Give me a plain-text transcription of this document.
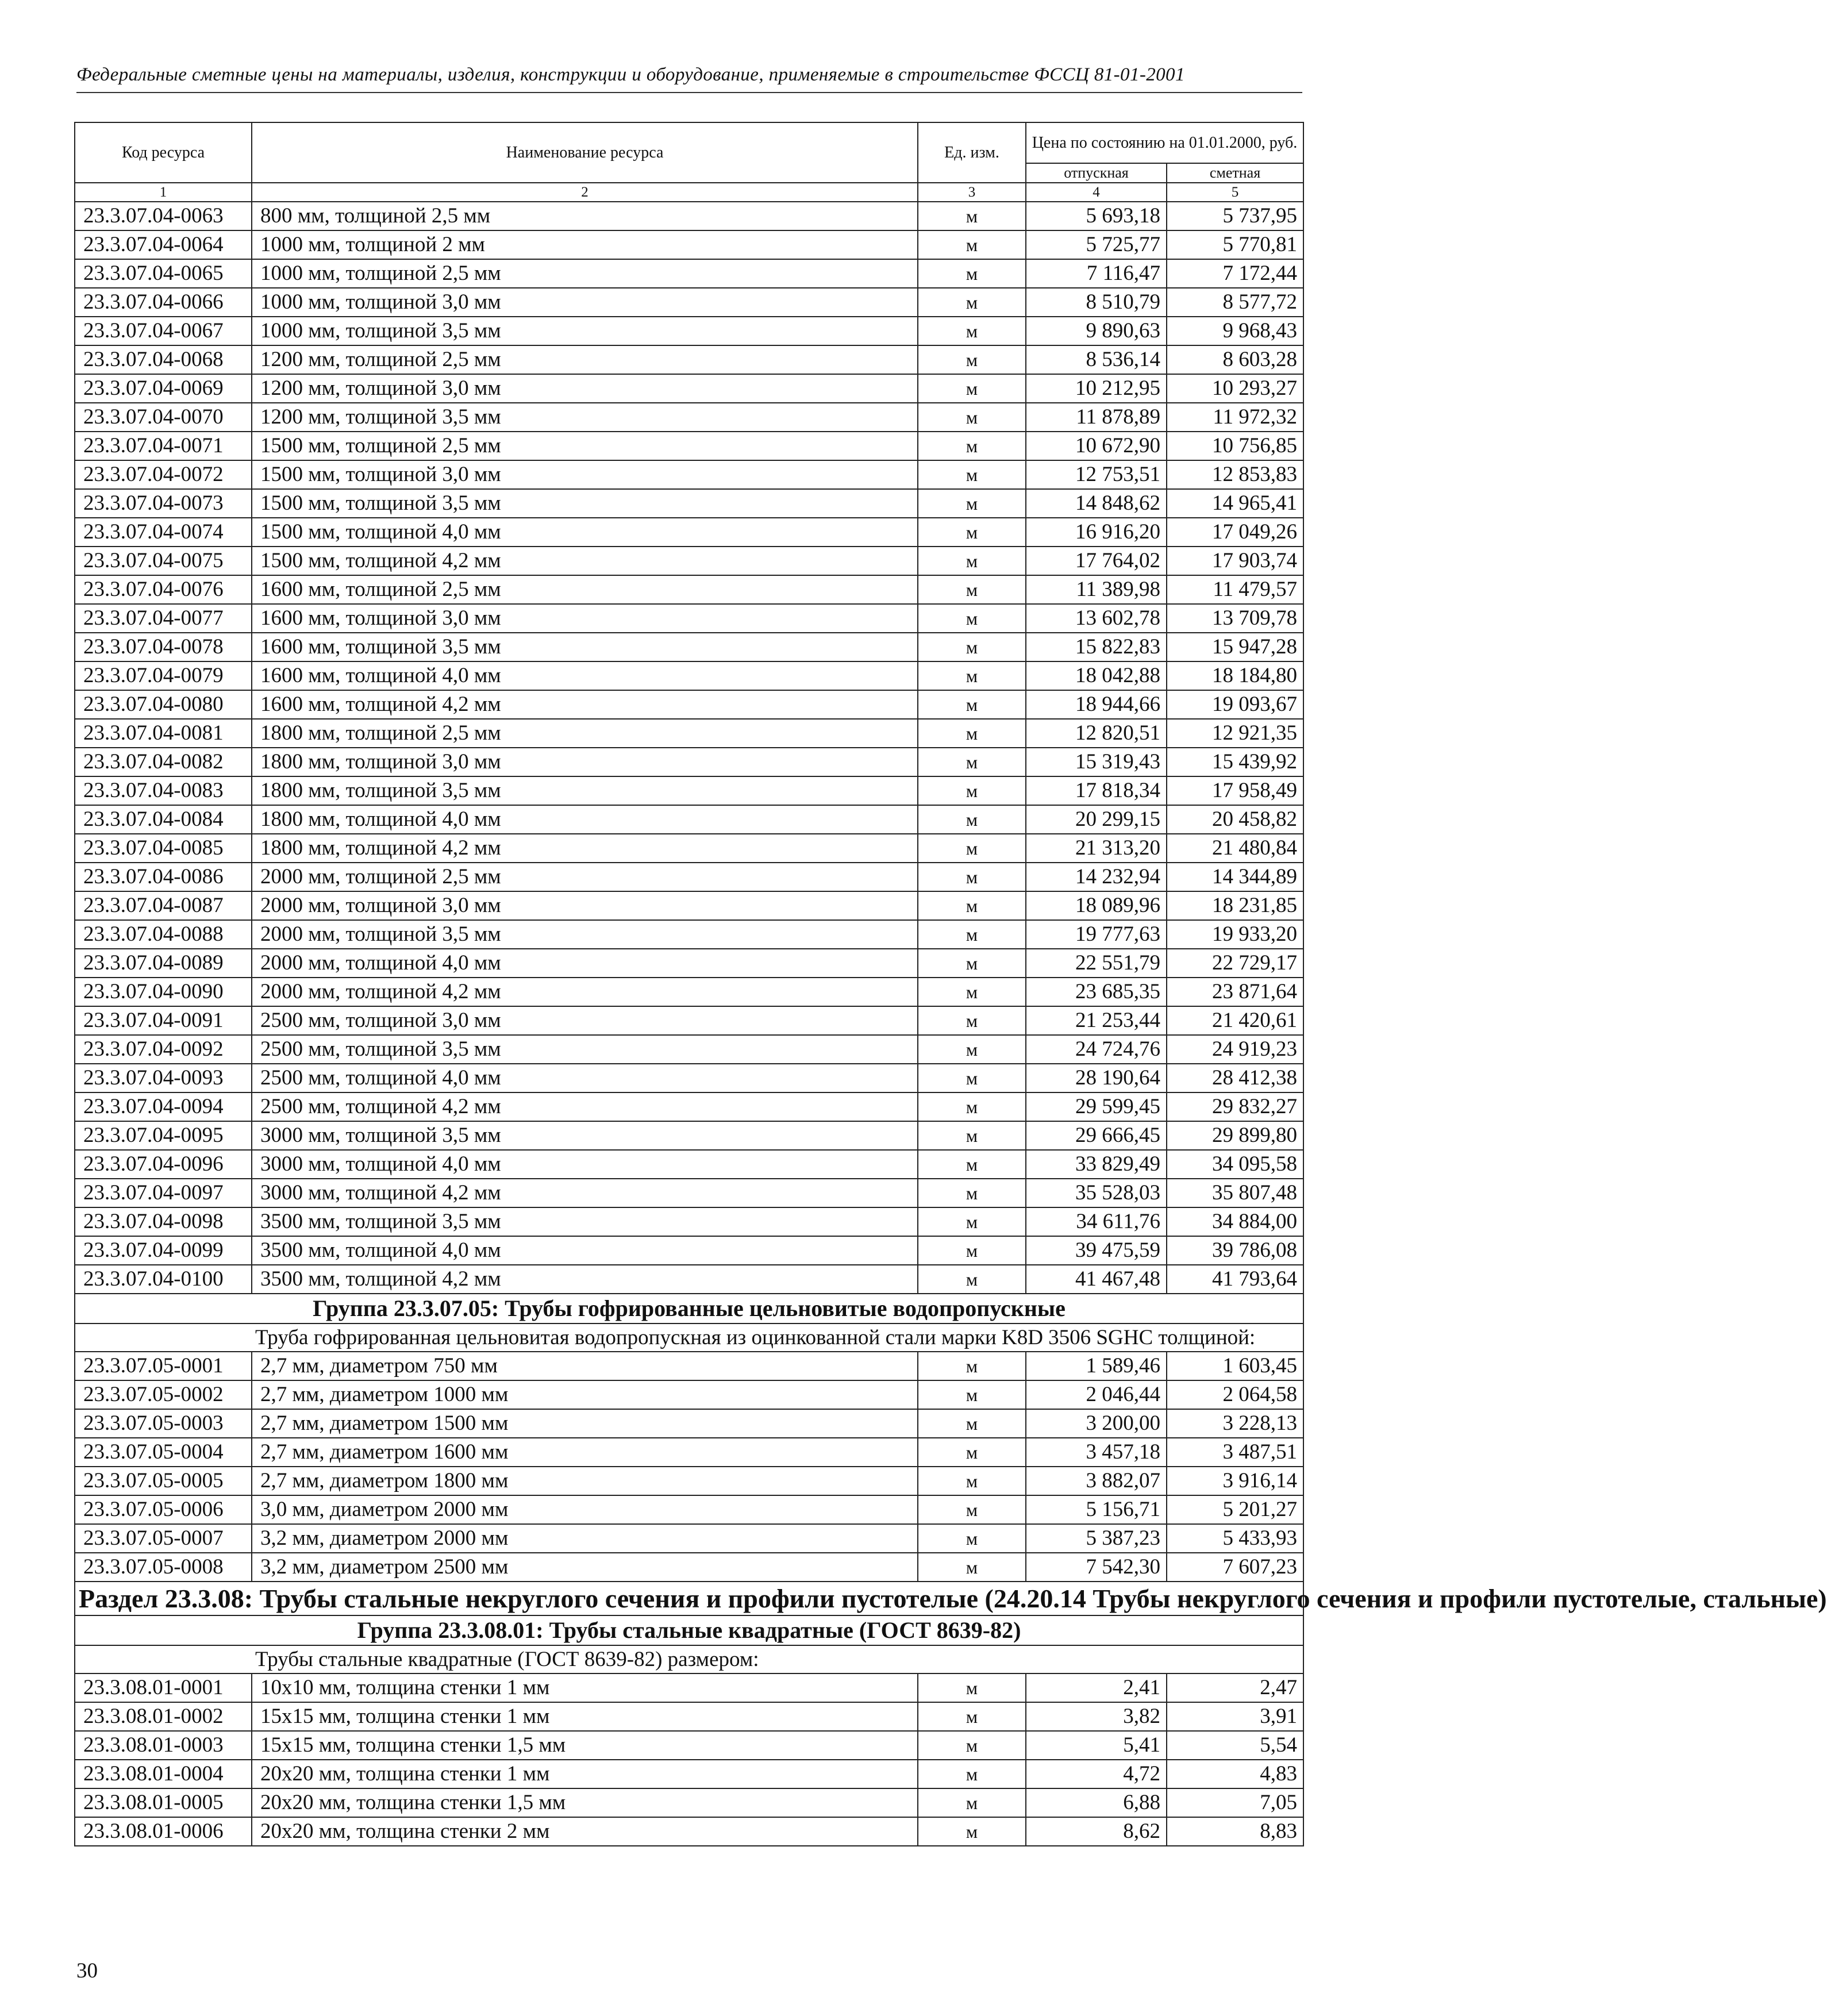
Федеральные сметные цены на материалы, изделия, конструкции и оборудование, применяемые в строительстве ФССЦ 81-01-2001
Код ресурса	Наименование ресурса	Ед. изм.	Цена по состоянию на 01.01.2000, руб.	
			отпускная	сметная
1	2	3	4	5
23.3.07.04-0063	800 мм, толщиной 2,5 мм	м	5 693,18	5 737,95
23.3.07.04-0064	1000 мм, толщиной 2 мм	м	5 725,77	5 770,81
23.3.07.04-0065	1000 мм, толщиной 2,5 мм	м	7 116,47	7 172,44
23.3.07.04-0066	1000 мм, толщиной 3,0 мм	м	8 510,79	8 577,72
23.3.07.04-0067	1000 мм, толщиной 3,5 мм	м	9 890,63	9 968,43
23.3.07.04-0068	1200 мм, толщиной 2,5 мм	м	8 536,14	8 603,28
23.3.07.04-0069	1200 мм, толщиной 3,0 мм	м	10 212,95	10 293,27
23.3.07.04-0070	1200 мм, толщиной 3,5 мм	м	11 878,89	11 972,32
23.3.07.04-0071	1500 мм, толщиной 2,5 мм	м	10 672,90	10 756,85
23.3.07.04-0072	1500 мм, толщиной 3,0 мм	м	12 753,51	12 853,83
23.3.07.04-0073	1500 мм, толщиной 3,5 мм	м	14 848,62	14 965,41
23.3.07.04-0074	1500 мм, толщиной 4,0 мм	м	16 916,20	17 049,26
23.3.07.04-0075	1500 мм, толщиной 4,2 мм	м	17 764,02	17 903,74
23.3.07.04-0076	1600 мм, толщиной 2,5 мм	м	11 389,98	11 479,57
23.3.07.04-0077	1600 мм, толщиной 3,0 мм	м	13 602,78	13 709,78
23.3.07.04-0078	1600 мм, толщиной 3,5 мм	м	15 822,83	15 947,28
23.3.07.04-0079	1600 мм, толщиной 4,0 мм	м	18 042,88	18 184,80
23.3.07.04-0080	1600 мм, толщиной 4,2 мм	м	18 944,66	19 093,67
23.3.07.04-0081	1800 мм, толщиной 2,5 мм	м	12 820,51	12 921,35
23.3.07.04-0082	1800 мм, толщиной 3,0 мм	м	15 319,43	15 439,92
23.3.07.04-0083	1800 мм, толщиной 3,5 мм	м	17 818,34	17 958,49
23.3.07.04-0084	1800 мм, толщиной 4,0 мм	м	20 299,15	20 458,82
23.3.07.04-0085	1800 мм, толщиной 4,2 мм	м	21 313,20	21 480,84
23.3.07.04-0086	2000 мм, толщиной 2,5 мм	м	14 232,94	14 344,89
23.3.07.04-0087	2000 мм, толщиной 3,0 мм	м	18 089,96	18 231,85
23.3.07.04-0088	2000 мм, толщиной 3,5 мм	м	19 777,63	19 933,20
23.3.07.04-0089	2000 мм, толщиной 4,0 мм	м	22 551,79	22 729,17
23.3.07.04-0090	2000 мм, толщиной 4,2 мм	м	23 685,35	23 871,64
23.3.07.04-0091	2500 мм, толщиной 3,0 мм	м	21 253,44	21 420,61
23.3.07.04-0092	2500 мм, толщиной 3,5 мм	м	24 724,76	24 919,23
23.3.07.04-0093	2500 мм, толщиной 4,0 мм	м	28 190,64	28 412,38
23.3.07.04-0094	2500 мм, толщиной 4,2 мм	м	29 599,45	29 832,27
23.3.07.04-0095	3000 мм, толщиной 3,5 мм	м	29 666,45	29 899,80
23.3.07.04-0096	3000 мм, толщиной 4,0 мм	м	33 829,49	34 095,58
23.3.07.04-0097	3000 мм, толщиной 4,2 мм	м	35 528,03	35 807,48
23.3.07.04-0098	3500 мм, толщиной 3,5 мм	м	34 611,76	34 884,00
23.3.07.04-0099	3500 мм, толщиной 4,0 мм	м	39 475,59	39 786,08
23.3.07.04-0100	3500 мм, толщиной 4,2 мм	м	41 467,48	41 793,64
Группа 23.3.07.05: Трубы гофрированные цельновитые водопропускные				
Труба гофрированная цельновитая водопропускная из оцинкованной стали марки K8D 3506 SGHC толщиной:				
23.3.07.05-0001	2,7 мм, диаметром 750 мм	м	1 589,46	1 603,45
23.3.07.05-0002	2,7 мм, диаметром 1000 мм	м	2 046,44	2 064,58
23.3.07.05-0003	2,7 мм, диаметром 1500 мм	м	3 200,00	3 228,13
23.3.07.05-0004	2,7 мм, диаметром 1600 мм	м	3 457,18	3 487,51
23.3.07.05-0005	2,7 мм, диаметром 1800 мм	м	3 882,07	3 916,14
23.3.07.05-0006	3,0 мм, диаметром 2000 мм	м	5 156,71	5 201,27
23.3.07.05-0007	3,2 мм, диаметром 2000 мм	м	5 387,23	5 433,93
23.3.07.05-0008	3,2 мм, диаметром 2500 мм	м	7 542,30	7 607,23
Раздел 23.3.08: Трубы стальные некруглого сечения и профили пустотелые (24.20.14 Трубы некруглого сечения и профили пустотелые, стальные)				
Группа 23.3.08.01: Трубы стальные квадратные (ГОСТ 8639-82)				
Трубы стальные квадратные (ГОСТ 8639-82) размером:				
23.3.08.01-0001	10х10 мм, толщина стенки 1 мм	м	2,41	2,47
23.3.08.01-0002	15х15 мм, толщина стенки 1 мм	м	3,82	3,91
23.3.08.01-0003	15х15 мм, толщина стенки 1,5 мм	м	5,41	5,54
23.3.08.01-0004	20х20 мм, толщина стенки 1 мм	м	4,72	4,83
23.3.08.01-0005	20х20 мм, толщина стенки 1,5 мм	м	6,88	7,05
23.3.08.01-0006	20х20 мм, толщина стенки 2 мм	м	8,62	8,83
30
